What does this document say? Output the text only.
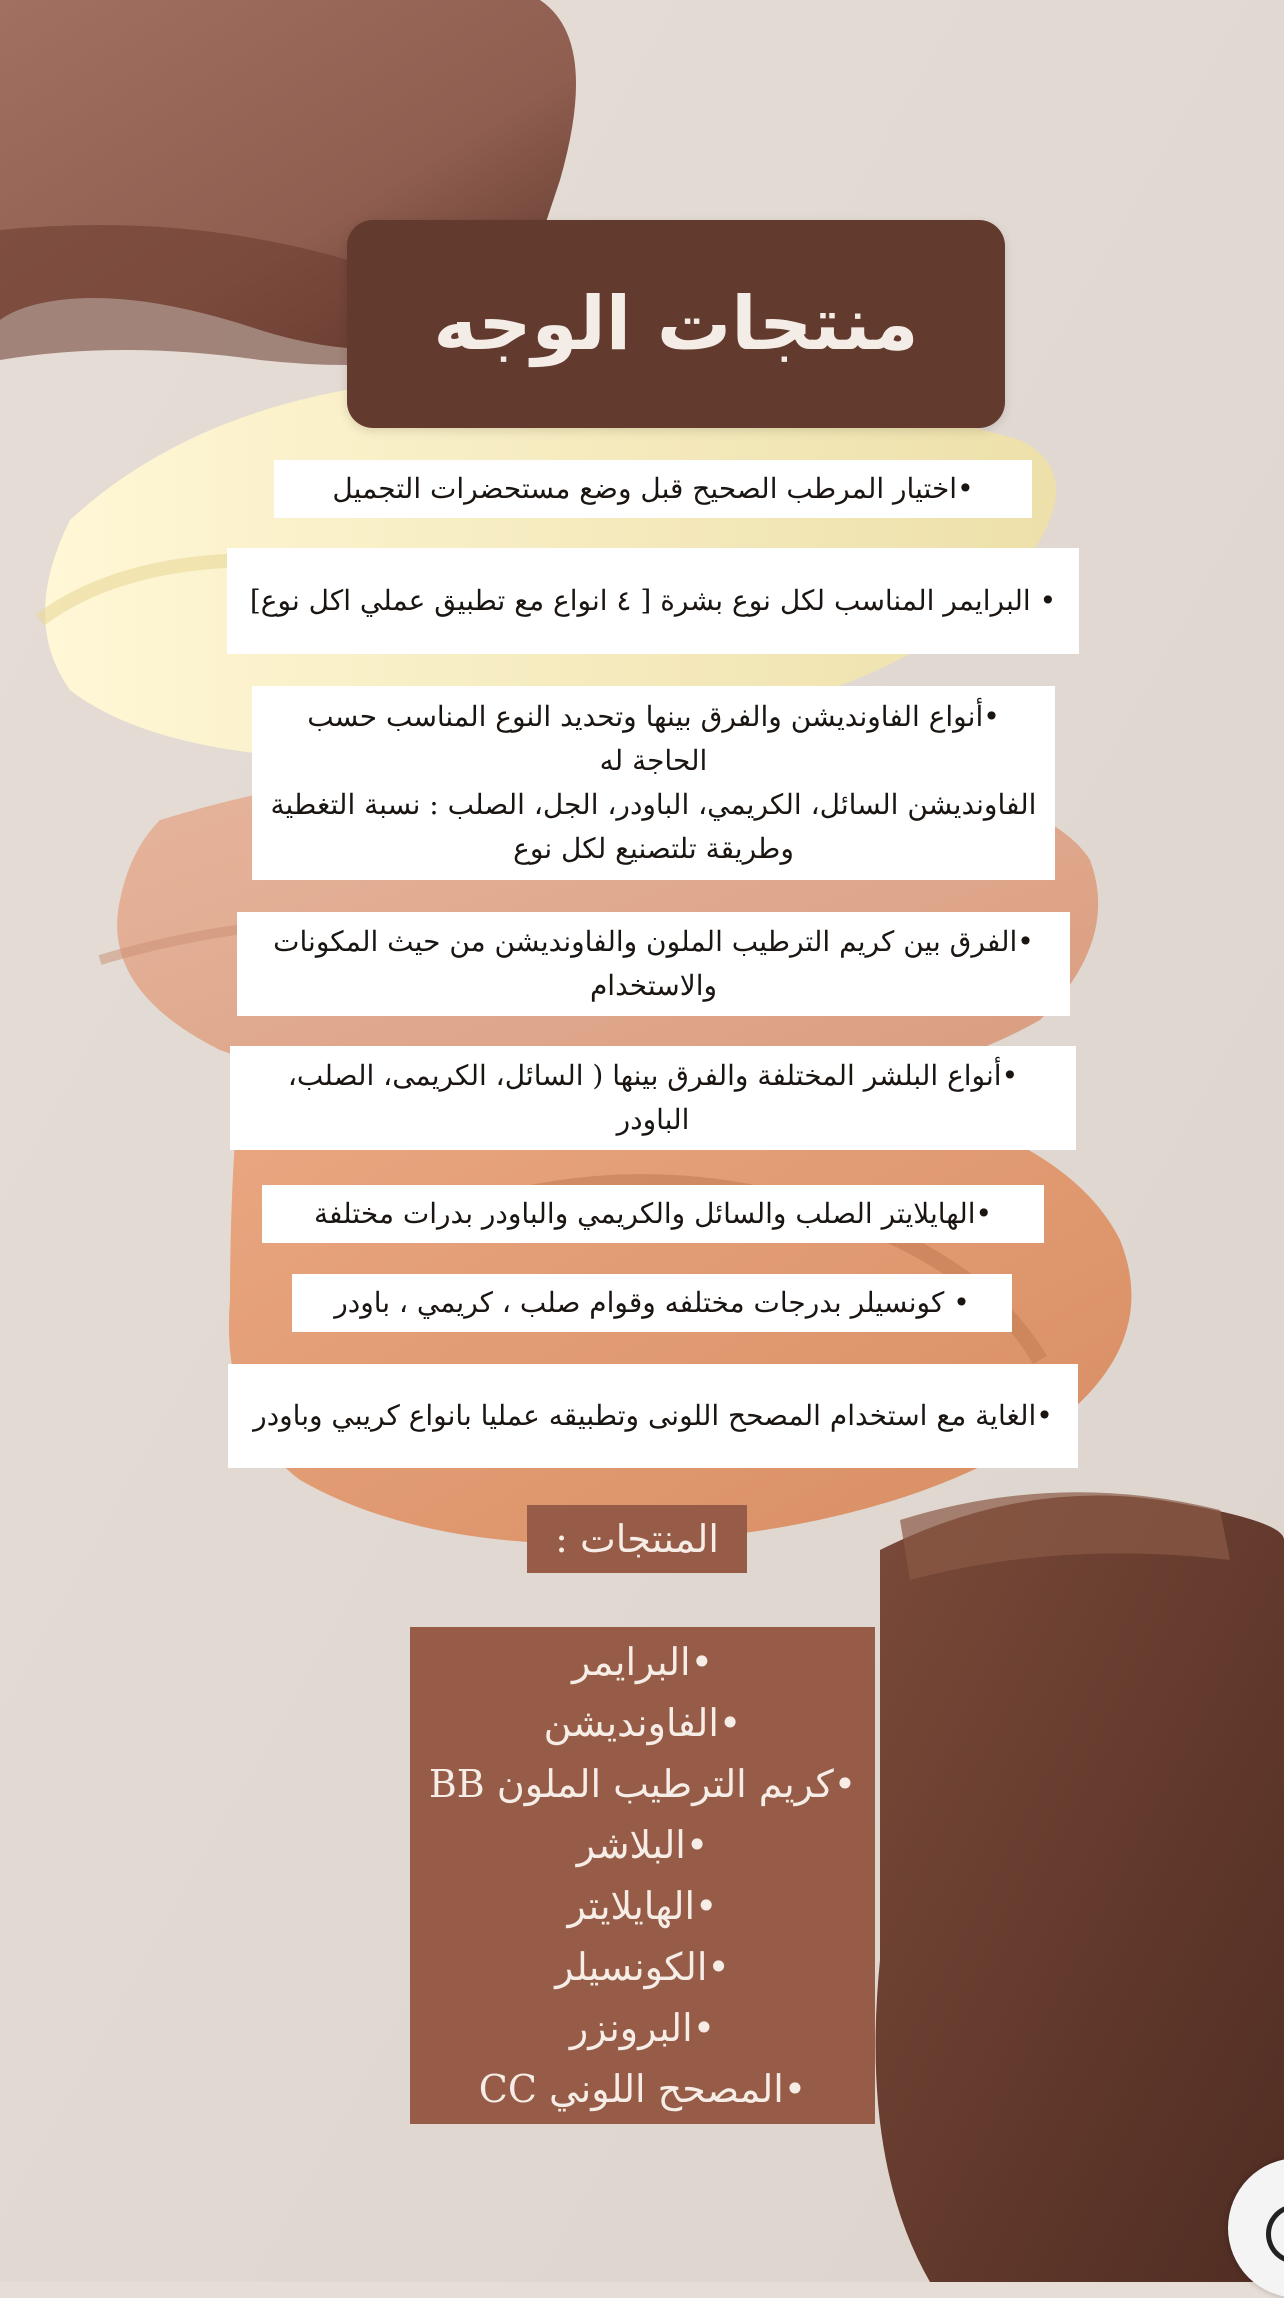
منتجات الوجه
•اختيار المرطب الصحيح قبل وضع مستحضرات التجميل
• البرايمر المناسب لكل نوع بشرة [ ٤ انواع مع تطبيق عملي اكل نوع]
•أنواع الفاونديشن والفرق بينها وتحديد النوع المناسب حسب الحاجة له
الفاونديشن السائل، الكريمي، الباودر، الجل، الصلب : نسبة التغطية وطريقة تلتصنيع لكل نوع
•الفرق بين كريم الترطيب الملون والفاونديشن من حيث المكونات والاستخدام
•أنواع البلشر المختلفة والفرق بينها ( السائل، الكريمى، الصلب، الباودر
•الهايلايتر الصلب والسائل والكريمي والباودر بدرات مختلفة
• كونسيلر بدرجات مختلفه وقوام صلب ، كريمي ، باودر
•الغاية مع استخدام المصحح اللونى وتطبيقه عمليا بانواع كريبي وباودر
المنتجات :
•البرايمر
•الفاونديشن
•كريم الترطيب الملون BB
•البلاشر
•الهايلايتر
•الكونسيلر
•البرونزر
•المصحح اللوني CC
